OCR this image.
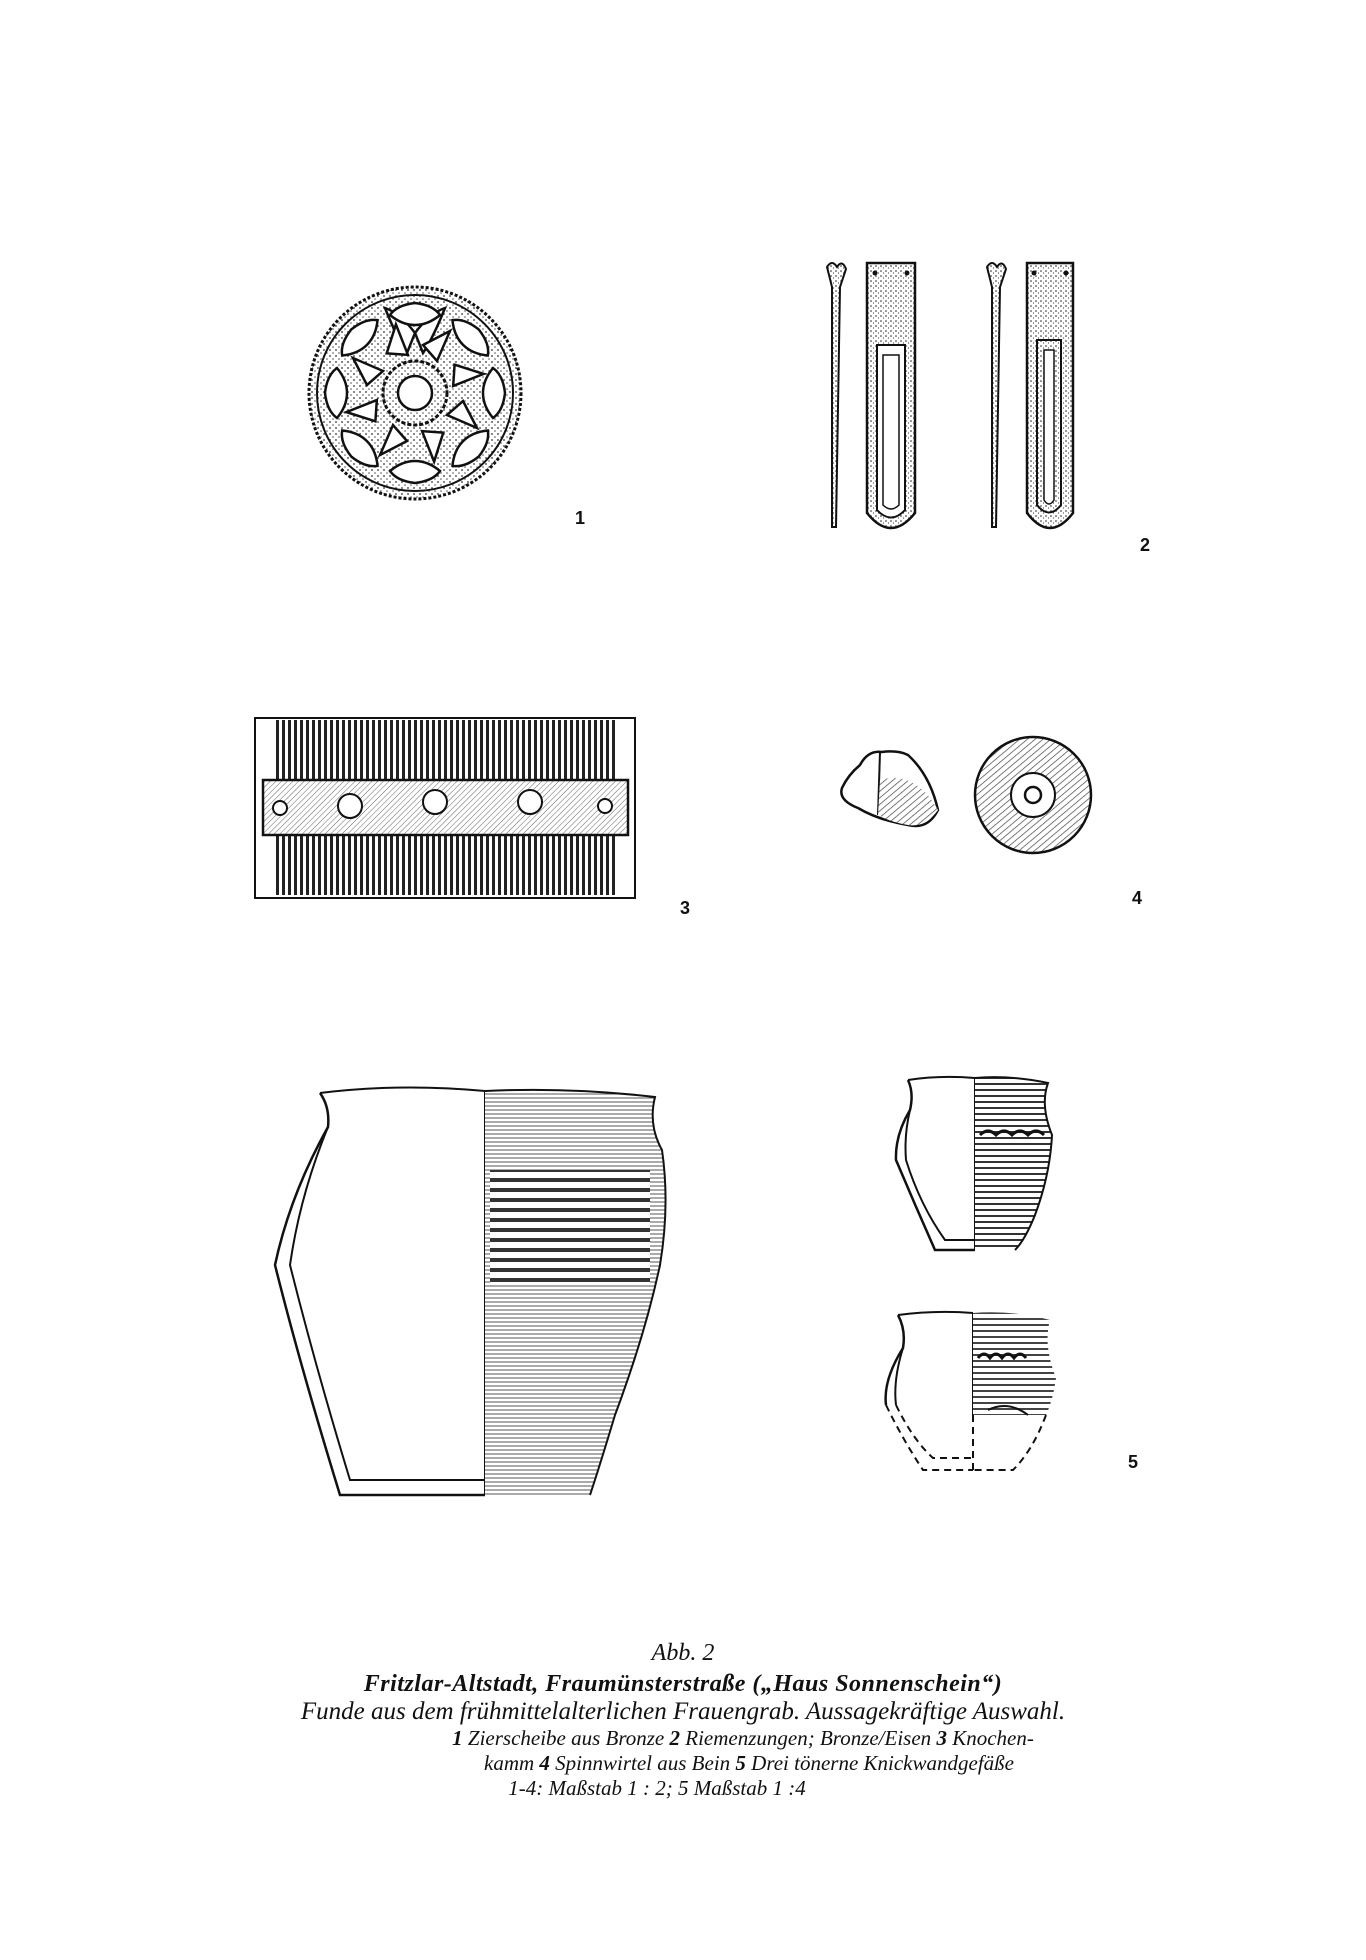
1
2
3	4
5
Abb. 2
Fritzlar-Altstadt, Fraumünsterstraße („Haus Sonnenschein“)
Funde aus dem frühmittelalterlichen Frauengrab. Aussagekräftige Auswahl.
1 Zierscheibe aus Bronze 2 Riemenzungen; Bronze/Eisen 3 Knochen-
kamm 4 Spinnwirtel aus Bein 5 Drei tönerne Knickwandgefäße
1-4: Maßstab 1 : 2; 5 Maßstab 1 :4
